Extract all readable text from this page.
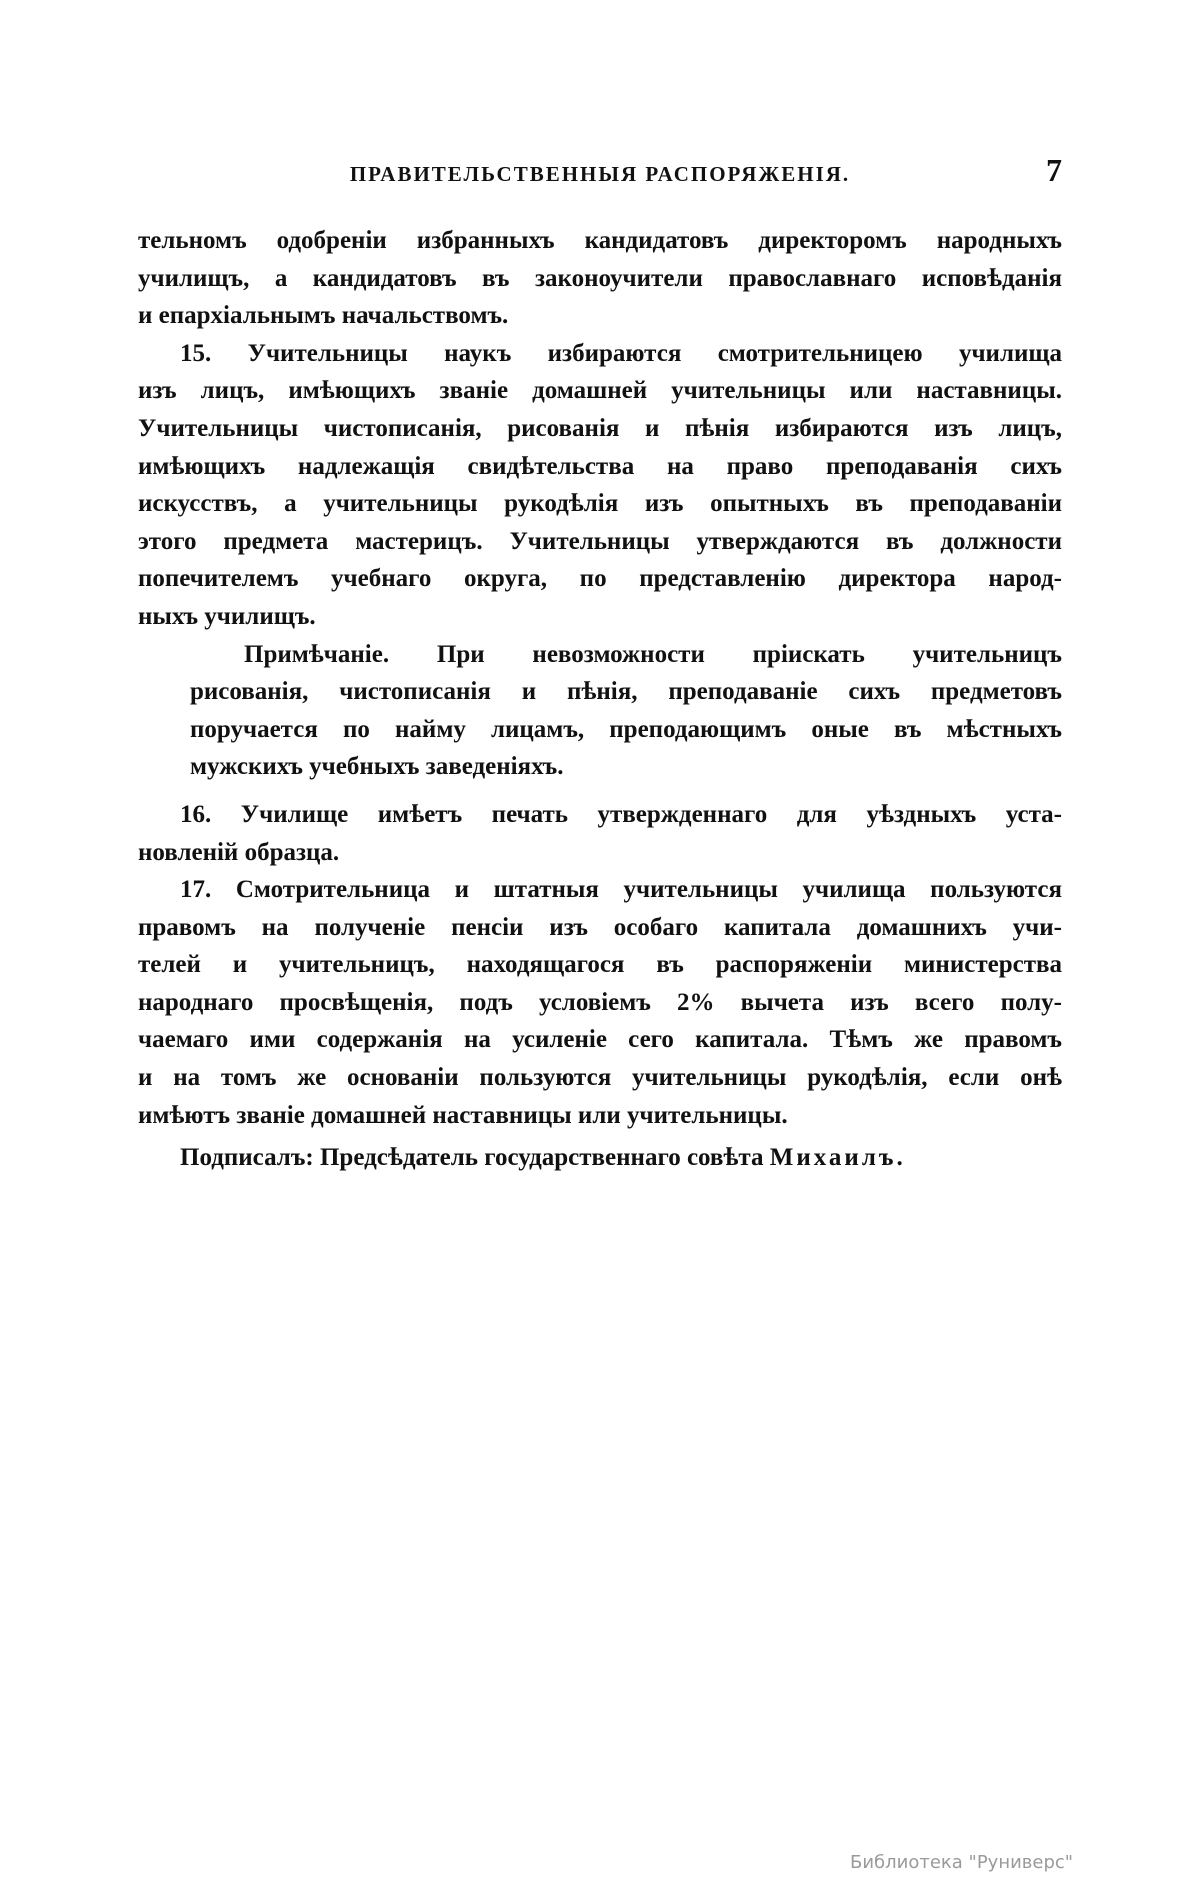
ПРАВИТЕЛЬСТВЕННЫЯ РАСПОРЯЖЕНІЯ.	7
тельномъ одобреніи избранныхъ кандидатовъ директоромъ народныхъ
училищъ, а кандидатовъ въ законоучители православнаго исповѣданія
и епархіальнымъ начальствомъ.
15. Учительницы наукъ избираются смотрительницею училища
изъ лицъ, имѣющихъ званіе домашней учительницы или наставницы.
Учительницы чистописанія, рисованія и пѣнія избираются изъ лицъ,
имѣющихъ надлежащія свидѣтельства на право преподаванія сихъ
искусствъ, а учительницы рукодѣлія изъ опытныхъ въ преподаваніи
этого предмета мастерицъ. Учительницы утверждаются въ должности
попечителемъ учебнаго округа, по представленію директора народ-
ныхъ училищъ.
Примѣчаніе. При невозможности пріискать учительницъ
рисованія, чистописанія и пѣнія, преподаваніе сихъ предметовъ
поручается по найму лицамъ, преподающимъ оные въ мѣстныхъ
мужскихъ учебныхъ заведеніяхъ.
16. Училище имѣетъ печать утвержденнаго для уѣздныхъ уста-
новленій образца.
17. Смотрительница и штатныя учительницы училища пользуются
правомъ на полученіе пенсіи изъ особаго капитала домашнихъ учи-
телей и учительницъ, находящагося въ распоряженіи министерства
народнаго просвѣщенія, подъ условіемъ 2% вычета изъ всего полу-
чаемаго ими содержанія на усиленіе сего капитала. Тѣмъ же правомъ
и на томъ же основаніи пользуются учительницы рукодѣлія, если онѣ
имѣютъ званіе домашней наставницы или учительницы.
Подписалъ: Предсѣдатель государственнаго совѣта Михаилъ.
Библиотека "Руниверс"
